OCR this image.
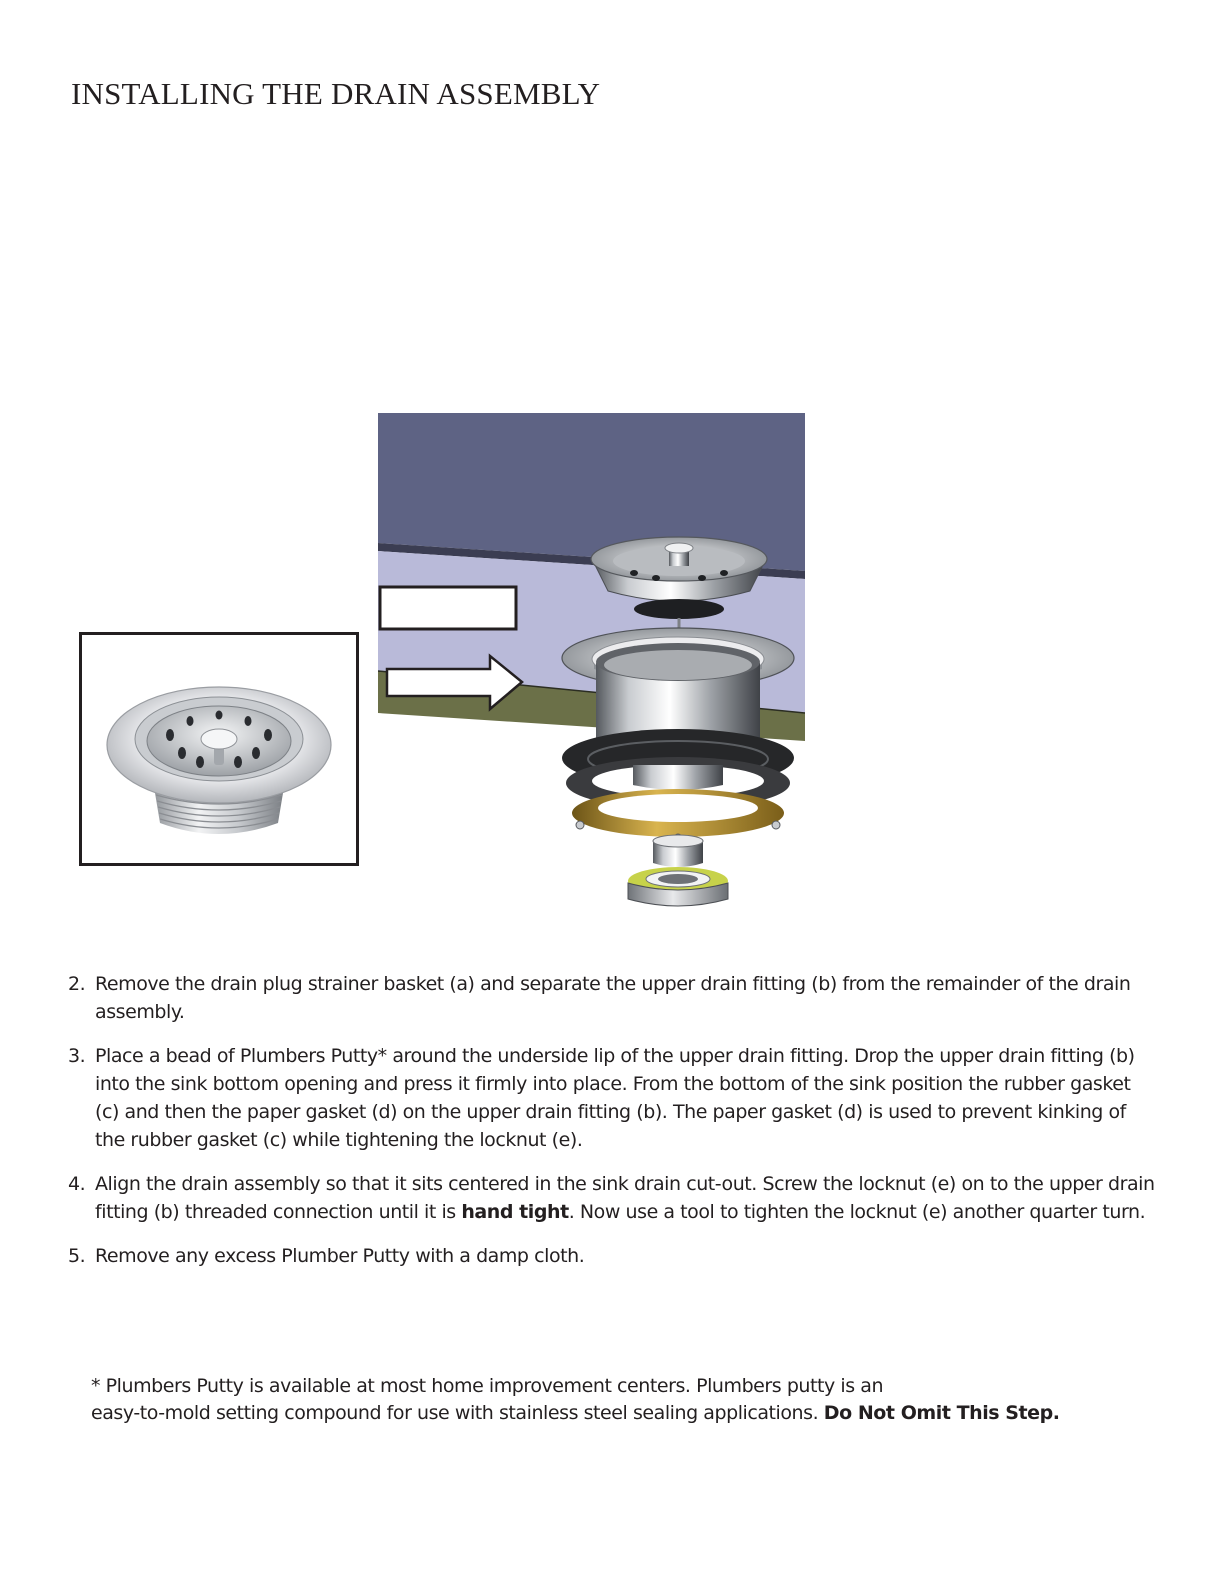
INSTALLING THE DRAIN ASSEMBLY
2. Remove the drain plug strainer basket (a) and separate the upper drain fitting (b) from the remainder of the drain assembly.
3. Place a bead of Plumbers Putty* around the underside lip of the upper drain fitting. Drop the upper drain fitting (b) into the sink bottom opening and press it firmly into place. From the bottom of the sink position the rubber gasket (c) and then the paper gasket (d) on the upper drain fitting (b). The paper gasket (d) is used to prevent kinking of the rubber gasket (c) while tightening the locknut (e).
4. Align the drain assembly so that it sits centered in the sink drain cut-out. Screw the locknut (e) on to the upper drain fitting (b) threaded connection until it is hand tight. Now use a tool to tighten the locknut (e) another quarter turn.
5. Remove any excess Plumber Putty with a damp cloth.

* Plumbers Putty is available at most home improvement centers. Plumbers putty is an
easy-to-mold setting compound for use with stainless steel sealing applications. Do Not Omit This Step.
